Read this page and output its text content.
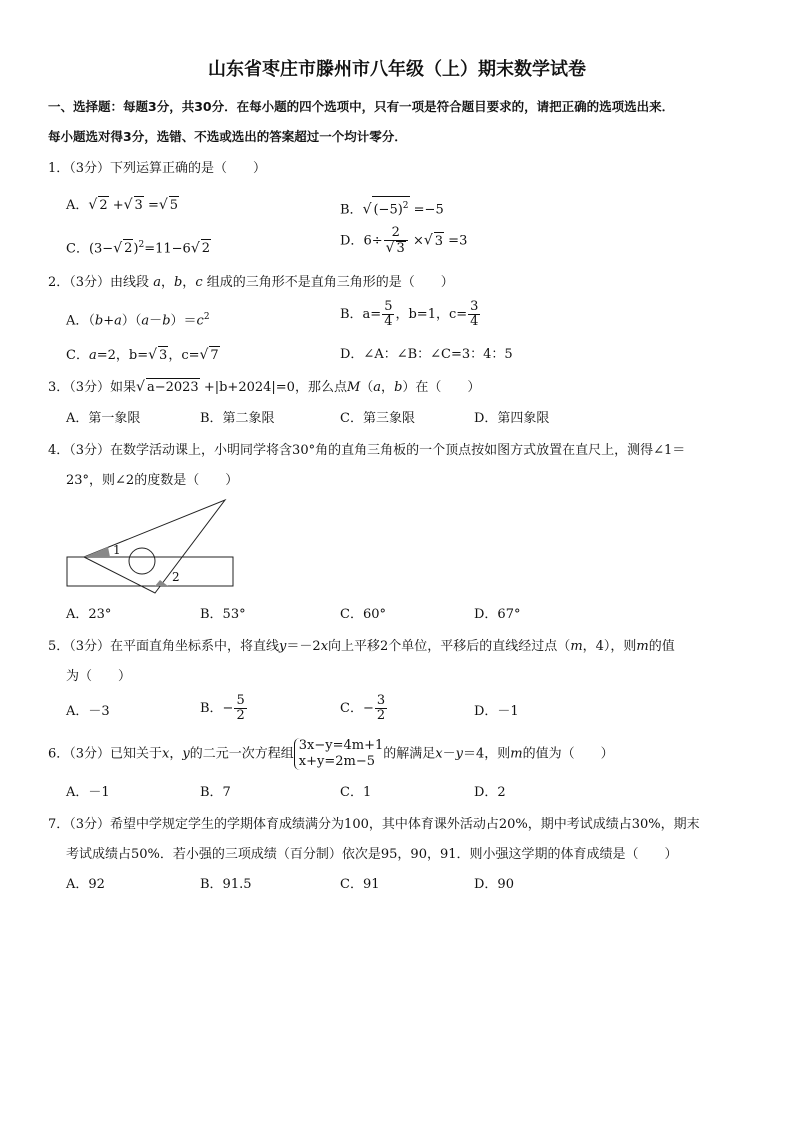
山东省枣庄市滕州市八年级（上）期末数学试卷
一、选择题：每题3分，共30分．在每小题的四个选项中，只有一项是符合题目要求的，请把正确的选项选出来．
每小题选对得3分，选错、不选或选出的答案超过一个均计零分．
1．（3分）下列运算正确的是（　　）
A．√ 2 +√ 3 =√ 5	B．√ $(-5)^2 =-5$
C．(3−√ 2)$^2$=11−6√ 2
D．$6\div \frac{2}{√ 3}$ ×√ 3 =3
2．（3分）由线段 a，b，c 组成的三角形不是直角三角形的是（　　）
A．$(b+a)(a-b)=c^2$	B．$a= \frac{5}{4}$ ，b=1，$c= \frac{3}{4}$
C．a=2，b=√ 3，c=√ 7	D．∠A：∠B：∠C=3：4：5
3．（3分）如果√ a−2023 +|b+2024|=0，那么点M（a，b）在（　　）
A．第一象限	B．第二象限	C．第三象限	D．第四象限
4．（3分）在数学活动课上，小明同学将含30°角的直角三角板的一个顶点按如图方式放置在直尺上，测得∠1＝
23°，则∠2的度数是（　　）
1
2
A．23°	B．53°	C．60°	D．67°
5．（3分）在平面直角坐标系中，将直线y＝－2x向上平移2个单位，平移后的直线经过点（m，4），则m的值
为（　　）
A．－3	B．− $\frac{5}{2}$	C．− $\frac{3}{2}$	D．－1
6．（3分）已知关于x，y的二元一次方程组3x−y=4m+1
x+y=2m−5 的解满足x－y＝4，则m的值为（　　）
A．－1	B．7	C．1	D．2
7．（3分）希望中学规定学生的学期体育成绩满分为100，其中体育课外活动占20%，期中考试成绩占30%，期末
考试成绩占50%．若小强的三项成绩（百分制）依次是95，90，91．则小强这学期的体育成绩是（　　）
A．92	B．91.5	C．91	D．90
